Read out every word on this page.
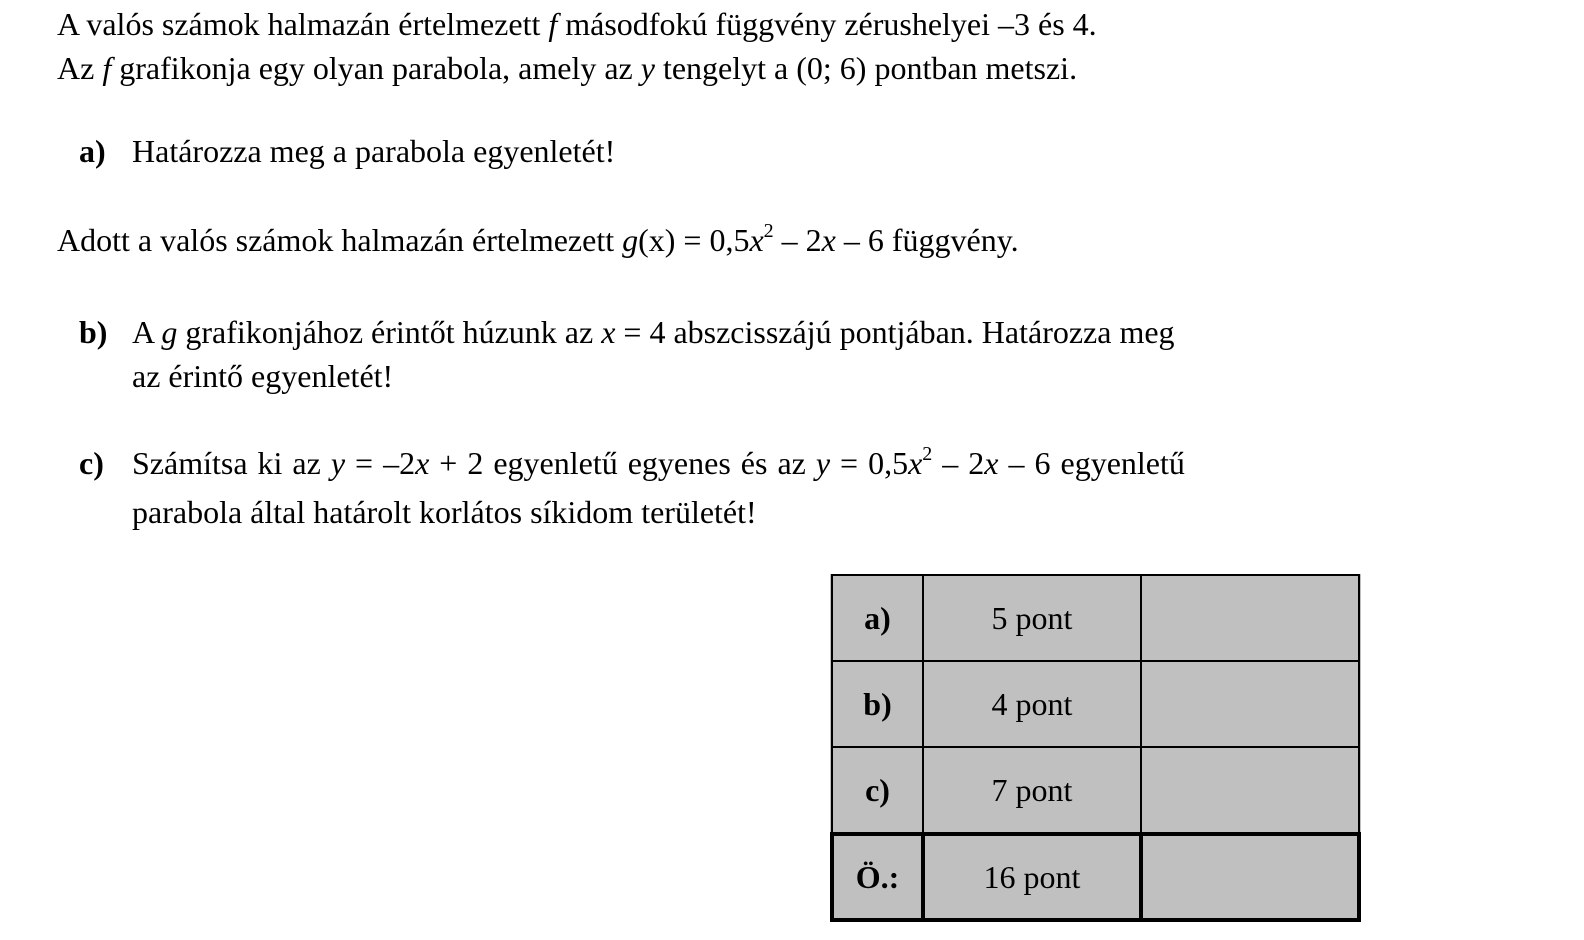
A valós számok halmazán értelmezett f másodfokú függvény zérushelyei –3 és 4.
Az f grafikonja egy olyan parabola, amely az y tengelyt a (0; 6) pontban metszi.
a) Határozza meg a parabola egyenletét!
Adott a valós számok halmazán értelmezett $g(x) = 0,5x^2 - 2x - 6$ függvény.
b) A g grafikonjához érintőt húzunk az x = 4 abszcisszájú pontjában. Határozza meg
az érintő egyenletét!
c) Számítsa ki az y = –2x + 2 egyenletű egyenes és az $y = 0,5x^2 - 2x - 6$ egyenletű
parabola által határolt korlátos síkidom területét!
a)	5 pont	
b)	4 pont	
c)	7 pont	
Ö.:	16 pont	
